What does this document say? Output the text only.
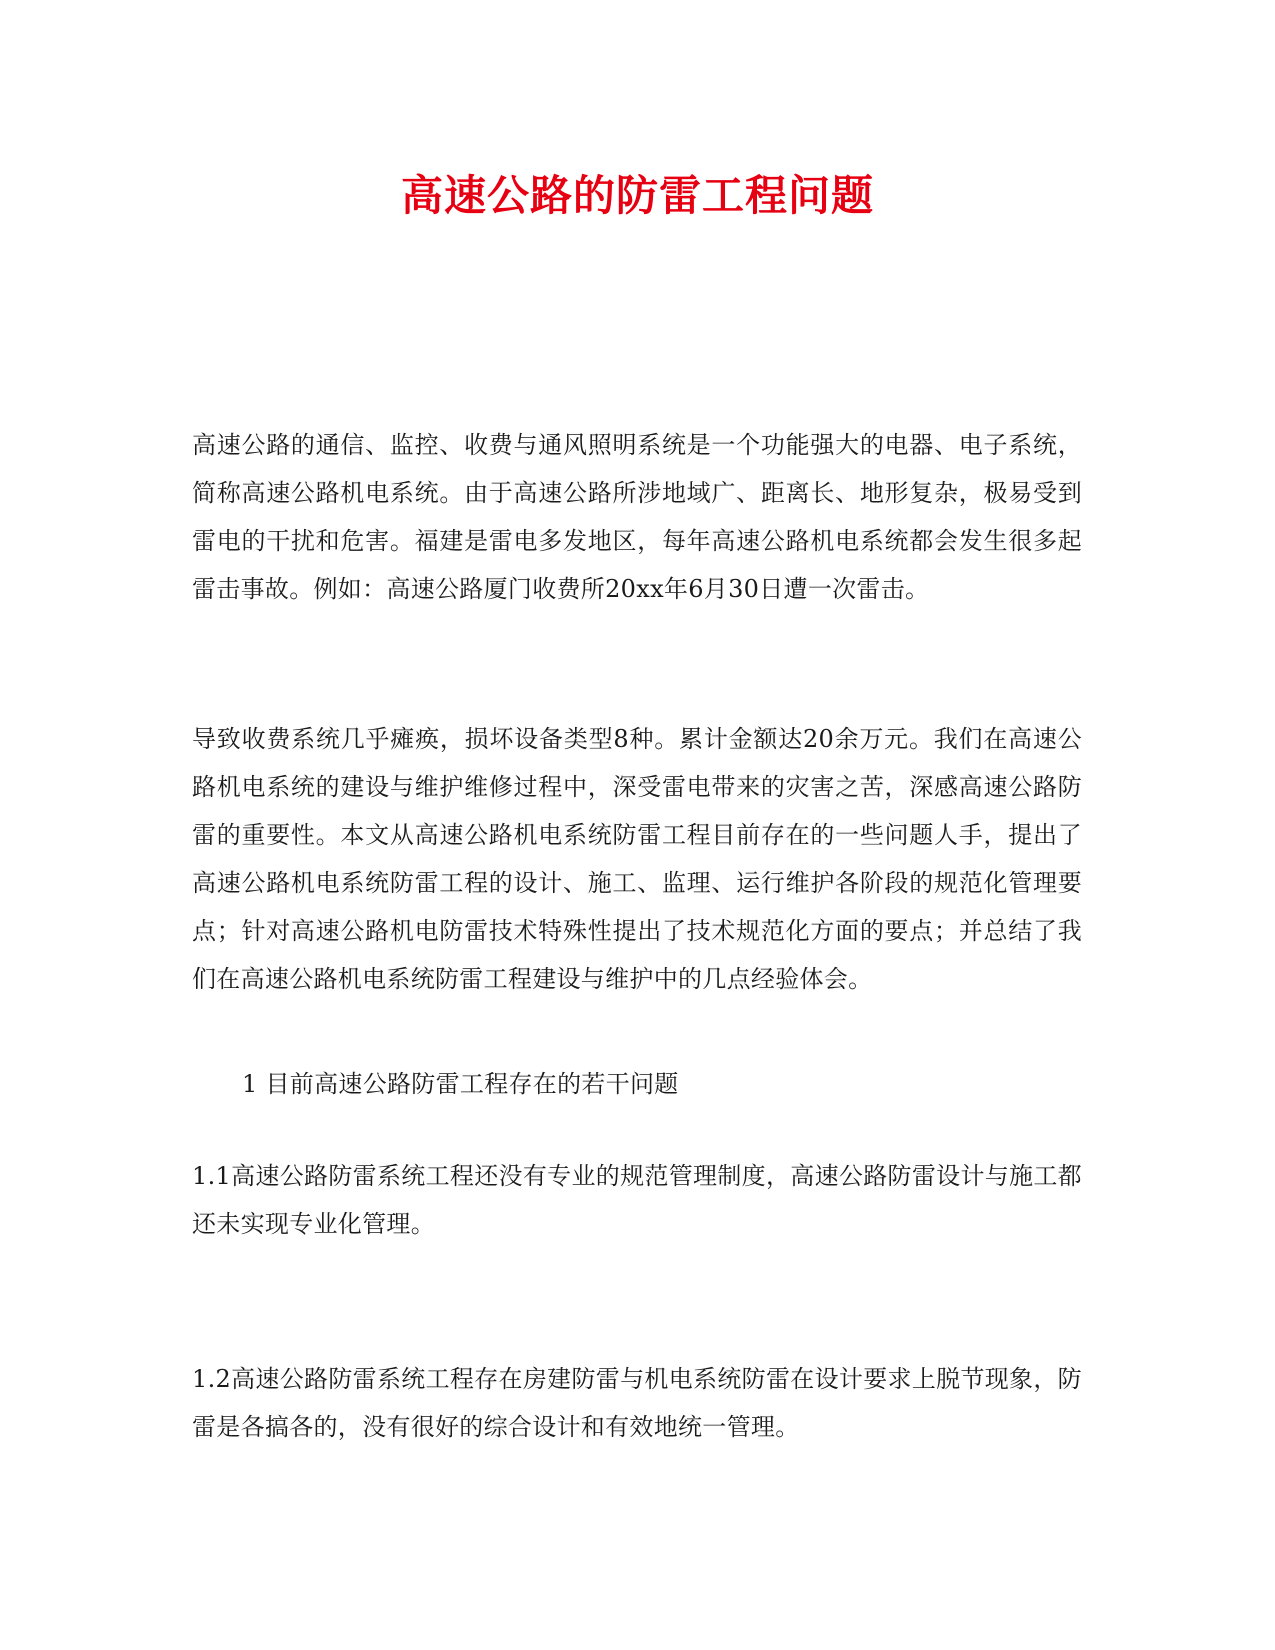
高速公路的防雷工程问题

高速公路的通信、监控、收费与通风照明系统是一个功能强大的电器、电子系统，简称高速公路机电系统。由于高速公路所涉地域广、距离长、地形复杂，极易受到雷电的干扰和危害。福建是雷电多发地区，每年高速公路机电系统都会发生很多起雷击事故。例如：高速公路厦门收费所20xx年6月30日遭一次雷击。

导致收费系统几乎瘫痪，损坏设备类型8种。累计金额达20余万元。我们在高速公路机电系统的建设与维护维修过程中，深受雷电带来的灾害之苦，深感高速公路防雷的重要性。本文从高速公路机电系统防雷工程目前存在的一些问题人手，提出了高速公路机电系统防雷工程的设计、施工、监理、运行维护各阶段的规范化管理要点；针对高速公路机电防雷技术特殊性提出了技术规范化方面的要点；并总结了我们在高速公路机电系统防雷工程建设与维护中的几点经验体会。

1 目前高速公路防雷工程存在的若干问题

1.1高速公路防雷系统工程还没有专业的规范管理制度，高速公路防雷设计与施工都还未实现专业化管理。

1.2高速公路防雷系统工程存在房建防雷与机电系统防雷在设计要求上脱节现象，防雷是各搞各的，没有很好的综合设计和有效地统一管理。
